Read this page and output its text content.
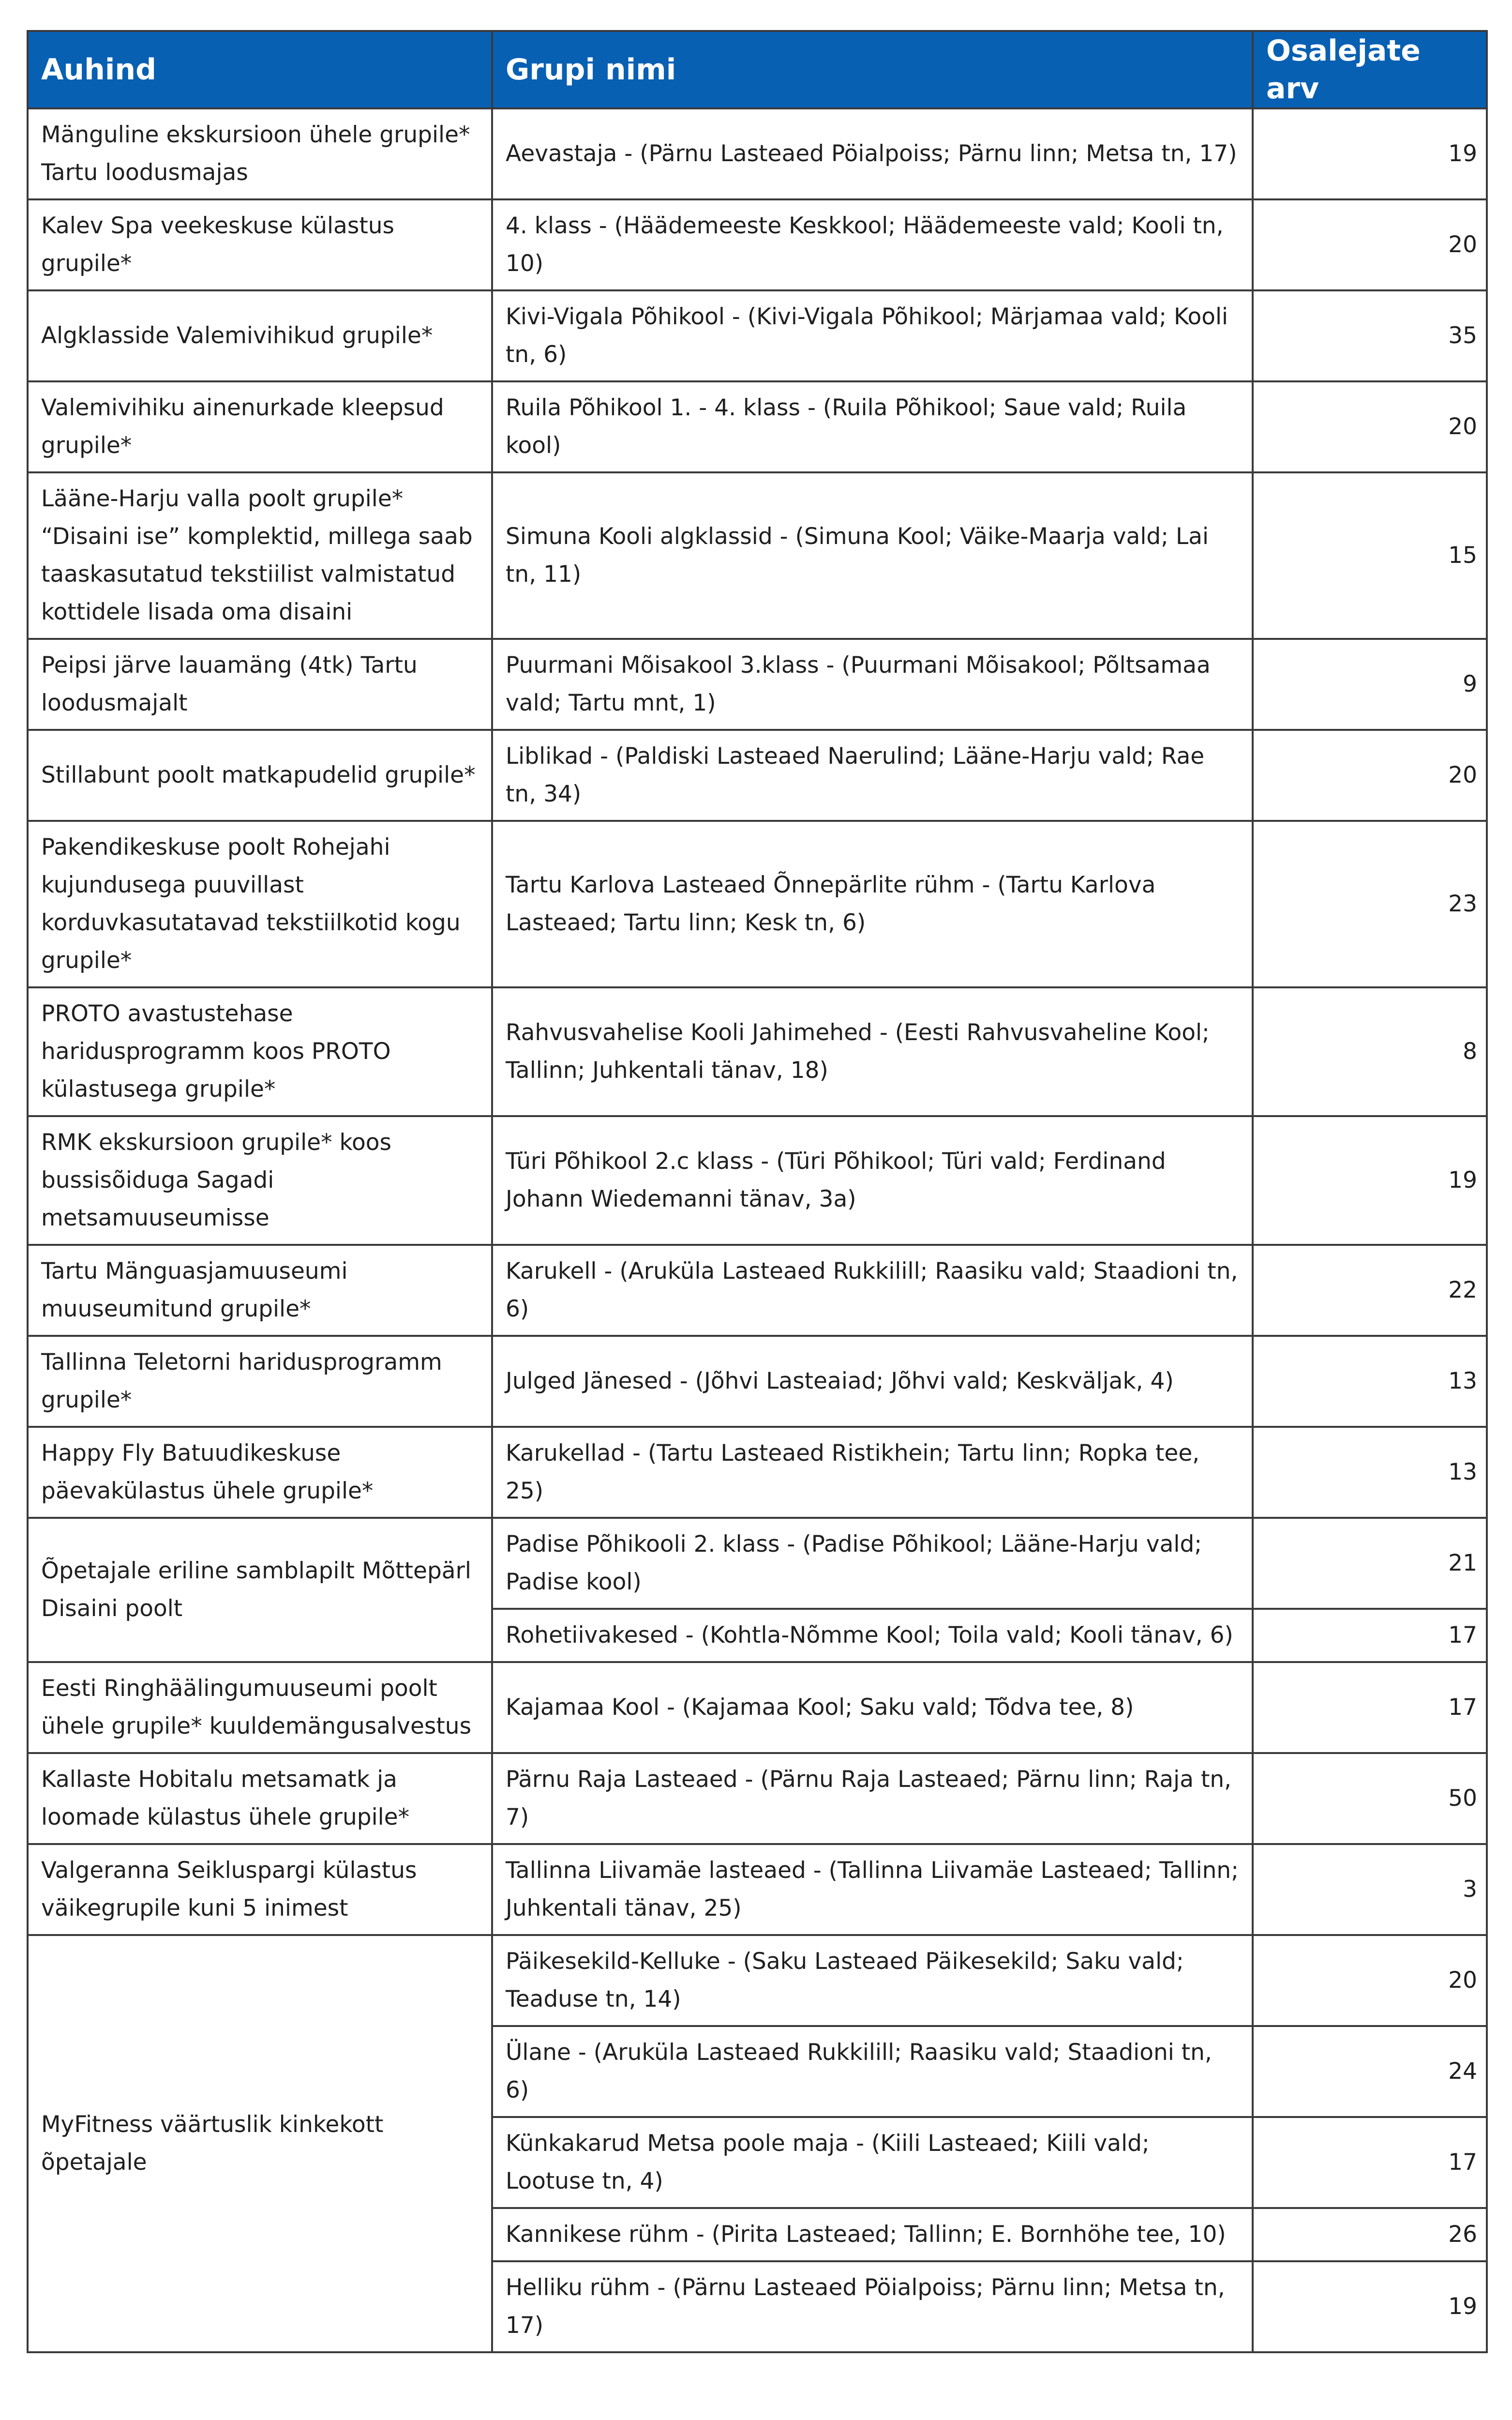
Auhind	Grupi nimi	Osalejate arv
Mänguline ekskursioon ühele grupile* Tartu loodusmajas	Aevastaja - (Pärnu Lasteaed Pöialpoiss; Pärnu linn; Metsa tn, 17)	19
Kalev Spa veekeskuse külastus grupile*	4. klass - (Häädemeeste Keskkool; Häädemeeste vald; Kooli tn, 10)	20
Algklasside Valemivihikud grupile*	Kivi-Vigala Põhikool - (Kivi-Vigala Põhikool; Märjamaa vald; Kooli tn, 6)	35
Valemivihiku ainenurkade kleepsud grupile*	Ruila Põhikool 1. - 4. klass - (Ruila Põhikool; Saue vald; Ruila kool)	20
Lääne-Harju valla poolt grupile* “Disaini ise” komplektid, millega saab taaskasutatud tekstiilist valmistatud kottidele lisada oma disaini	Simuna Kooli algklassid - (Simuna Kool; Väike-Maarja vald; Lai tn, 11)	15
Peipsi järve lauamäng (4tk) Tartu loodusmajalt	Puurmani Mõisakool 3.klass - (Puurmani Mõisakool; Põltsamaa vald; Tartu mnt, 1)	9
Stillabunt poolt matkapudelid grupile*	Liblikad - (Paldiski Lasteaed Naerulind; Lääne-Harju vald; Rae tn, 34)	20
Pakendikeskuse poolt Rohejahi kujundusega puuvillast korduvkasutatavad tekstiilkotid kogu grupile*	Tartu Karlova Lasteaed Õnnepärlite rühm - (Tartu Karlova Lasteaed; Tartu linn; Kesk tn, 6)	23
PROTO avastustehase haridusprogramm koos PROTO külastusega grupile*	Rahvusvahelise Kooli Jahimehed - (Eesti Rahvusvaheline Kool; Tallinn; Juhkentali tänav, 18)	8
RMK ekskursioon grupile* koos bussisõiduga Sagadi metsamuuseumisse	Türi Põhikool 2.c klass - (Türi Põhikool; Türi vald; Ferdinand Johann Wiedemanni tänav, 3a)	19
Tartu Mänguasjamuuseumi muuseumitund grupile*	Karukell - (Aruküla Lasteaed Rukkilill; Raasiku vald; Staadioni tn, 6)	22
Tallinna Teletorni haridusprogramm grupile*	Julged Jänesed - (Jõhvi Lasteaiad; Jõhvi vald; Keskväljak, 4)	13
Happy Fly Batuudikeskuse päevakülastus ühele grupile*	Karukellad - (Tartu Lasteaed Ristikhein; Tartu linn; Ropka tee, 25)	13
Õpetajale eriline samblapilt Mõttepärl Disaini poolt	Padise Põhikooli 2. klass - (Padise Põhikool; Lääne-Harju vald; Padise kool)	21
	Rohetiivakesed - (Kohtla-Nõmme Kool; Toila vald; Kooli tänav, 6)	17
Eesti Ringhäälingumuuseumi poolt ühele grupile* kuuldemängusalvestus	Kajamaa Kool - (Kajamaa Kool; Saku vald; Tõdva tee, 8)	17
Kallaste Hobitalu metsamatk ja loomade külastus ühele grupile*	Pärnu Raja Lasteaed - (Pärnu Raja Lasteaed; Pärnu linn; Raja tn, 7)	50
Valgeranna Seikluspargi külastus väikegrupile kuni 5 inimest	Tallinna Liivamäe lasteaed - (Tallinna Liivamäe Lasteaed; Tallinn; Juhkentali tänav, 25)	3
MyFitness väärtuslik kinkekott õpetajale	Päikesekild-Kelluke - (Saku Lasteaed Päikesekild; Saku vald; Teaduse tn, 14)	20
	Ülane - (Aruküla Lasteaed Rukkilill; Raasiku vald; Staadioni tn, 6)	24
	Künkakarud Metsa poole maja - (Kiili Lasteaed; Kiili vald; Lootuse tn, 4)	17
	Kannikese rühm - (Pirita Lasteaed; Tallinn; E. Bornhöhe tee, 10)	26
	Helliku rühm - (Pärnu Lasteaed Pöialpoiss; Pärnu linn; Metsa tn, 17)	19
